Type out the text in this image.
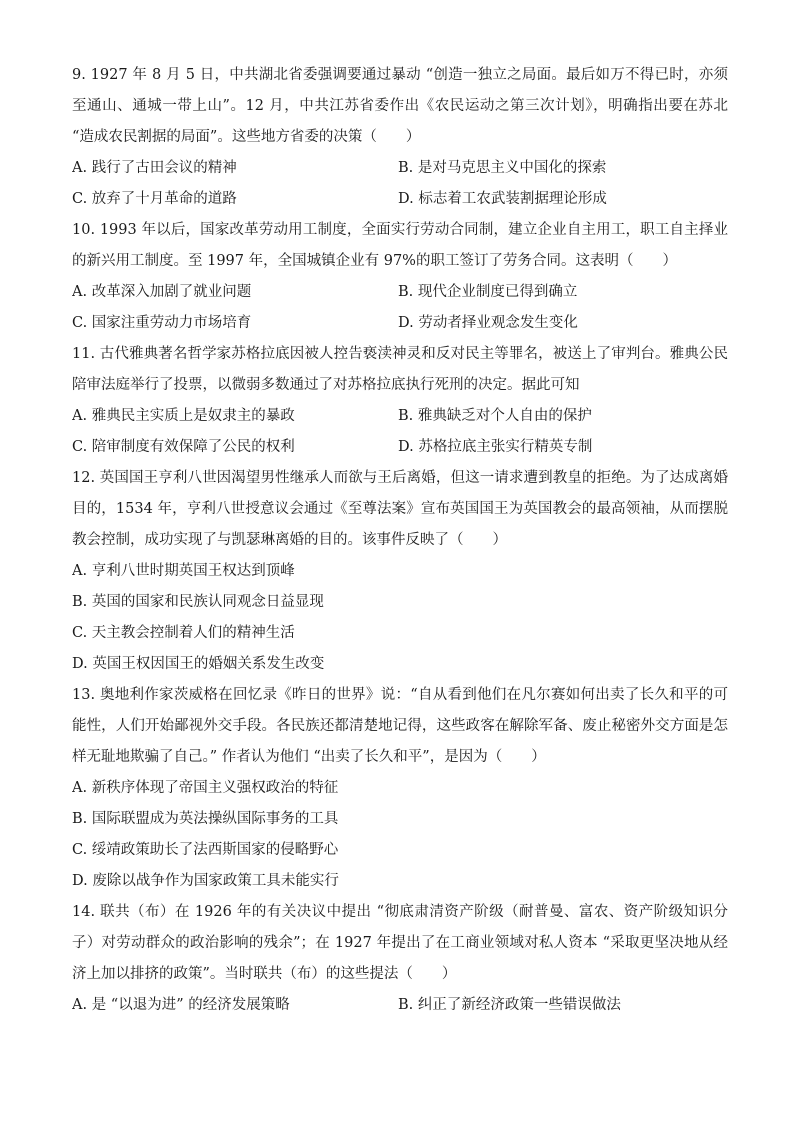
9. 1927 年 8 月 5 日，中共湖北省委强调要通过暴动 “创造一独立之局面。最后如万不得已时，亦须至通山、通城一带上山”。12 月，中共江苏省委作出《农民运动之第三次计划》，明确指出要在苏北 “造成农民割据的局面”。这些地方省委的决策（　　）

A. 践行了古田会议的精神	B. 是对马克思主义中国化的探索
C. 放弃了十月革命的道路	D. 标志着工农武装割据理论形成

10. 1993 年以后，国家改革劳动用工制度，全面实行劳动合同制，建立企业自主用工，职工自主择业的新兴用工制度。至 1997 年，全国城镇企业有 97%的职工签订了劳务合同。这表明（　　）

A. 改革深入加剧了就业问题	B. 现代企业制度已得到确立
C. 国家注重劳动力市场培育	D. 劳动者择业观念发生变化

11. 古代雅典著名哲学家苏格拉底因被人控告亵渎神灵和反对民主等罪名，被送上了审判台。雅典公民陪审法庭举行了投票，以微弱多数通过了对苏格拉底执行死刑的决定。据此可知

A. 雅典民主实质上是奴隶主的暴政	B. 雅典缺乏对个人自由的保护
C. 陪审制度有效保障了公民的权利	D. 苏格拉底主张实行精英专制

12. 英国国王亨利八世因渴望男性继承人而欲与王后离婚，但这一请求遭到教皇的拒绝。为了达成离婚目的，1534 年，亨利八世授意议会通过《至尊法案》宣布英国国王为英国教会的最高领袖，从而摆脱教会控制，成功实现了与凯瑟琳离婚的目的。该事件反映了（　　）

A. 亨利八世时期英国王权达到顶峰
B. 英国的国家和民族认同观念日益显现
C. 天主教会控制着人们的精神生活
D. 英国王权因国王的婚姻关系发生改变

13. 奥地利作家茨威格在回忆录《昨日的世界》说：“自从看到他们在凡尔赛如何出卖了长久和平的可能性，人们开始鄙视外交手段。各民族还都清楚地记得，这些政客在解除军备、废止秘密外交方面是怎样无耻地欺骗了自己。” 作者认为他们 “出卖了长久和平”，是因为（　　）

A. 新秩序体现了帝国主义强权政治的特征
B. 国际联盟成为英法操纵国际事务的工具
C. 绥靖政策助长了法西斯国家的侵略野心
D. 废除以战争作为国家政策工具未能实行

14. 联共（布）在 1926 年的有关决议中提出 “彻底肃清资产阶级（耐普曼、富农、资产阶级知识分子）对劳动群众的政治影响的残余”；在 1927 年提出了在工商业领域对私人资本 “采取更坚决地从经济上加以排挤的政策”。当时联共（布）的这些提法（　　）

A. 是 “以退为进” 的经济发展策略	B. 纠正了新经济政策一些错误做法
